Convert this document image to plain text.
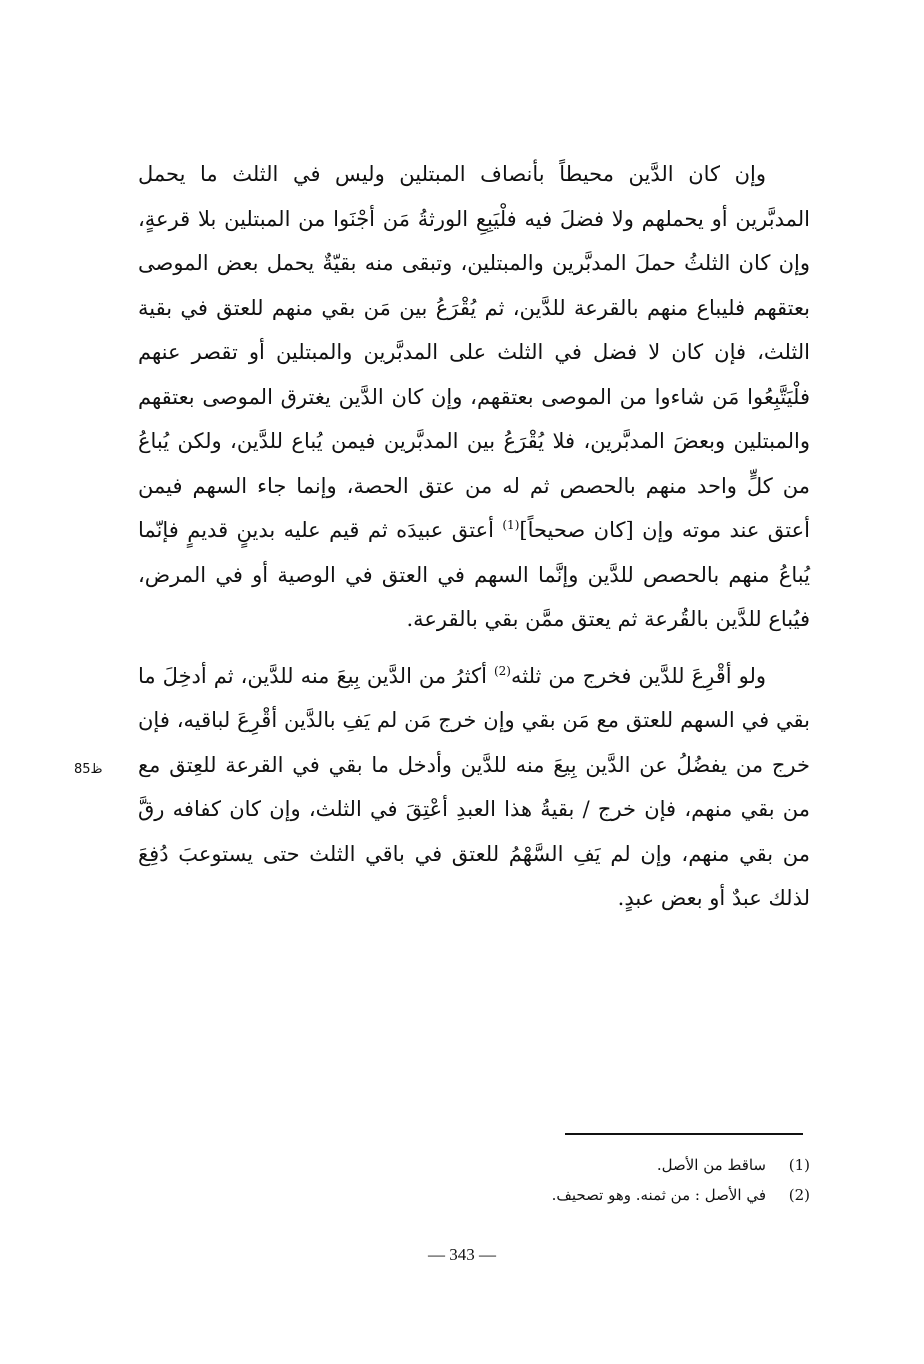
وإن كان الدَّين محيطاً بأنصاف المبتلين وليس في الثلث ما يحمل المدبَّرين أو يحملهم ولا فضلَ فيه فلْيَبِعِ الورثةُ مَن أجْنَوا من المبتلين بلا قرعةٍ، وإن كان الثلثُ حملَ المدبَّرين والمبتلين، وتبقى منه بقيّةٌ يحمل بعض الموصى بعتقهم فليباع منهم بالقرعة للدَّين، ثم يُقْرَعُ بين مَن بقي منهم للعتق في بقية الثلث، فإن كان لا فضل في الثلث على المدبَّرين والمبتلين أو تقصر عنهم فلْيَتَّبِعُوا مَن شاءوا من الموصى بعتقهم، وإن كان الدَّين يغترق الموصى بعتقهم والمبتلين وبعضَ المدبَّرين، فلا يُقْرَعُ بين المدبَّرين فيمن يُباع للدَّين، ولكن يُباعُ من كلٍّ واحد منهم بالحصص ثم له من عتق الحصة، وإنما جاء السهم فيمن أعتق عند موته وإن [كان صحيحاً]$^{(1)}$ أعتق عبيدَه ثم قيم عليه بدينٍ قديمٍ فإنّما يُباعُ منهم بالحصص للدَّين وإنَّما السهم في العتق في الوصية أو في المرض، فيُباع للدَّين بالقُرعة ثم يعتق ممَّن بقي بالقرعة.

ولو أقْرِعَ للدَّين فخرج من ثلثه$^{(2)}$ أكثرُ من الدَّين بِيعَ منه للدَّين، ثم أدخِلَ ما بقي في السهم للعتق مع مَن بقي وإن خرج مَن لم يَفِ بالدَّين أقْرِعَ لباقيه، فإن خرج من يفضُلُ عن الدَّين بِيعَ منه للدَّين وأدخل ما بقي في القرعة للعِتق مع من بقي منهم، فإن خرج / بقيةُ هذا العبدِ أعْتِقَ في الثلث، وإن كان كفافه رقَّ من بقي منهم، وإن لم يَفِ السَّهْمُ للعتق في باقي الثلث حتى يستوعبَ دُفِعَ لذلك عبدٌ أو بعض عبدٍ.

ظ85
(1)
ساقط من الأصل.
(2)
في الأصل : من ثمنه. وهو تصحيف.
— 343 —
